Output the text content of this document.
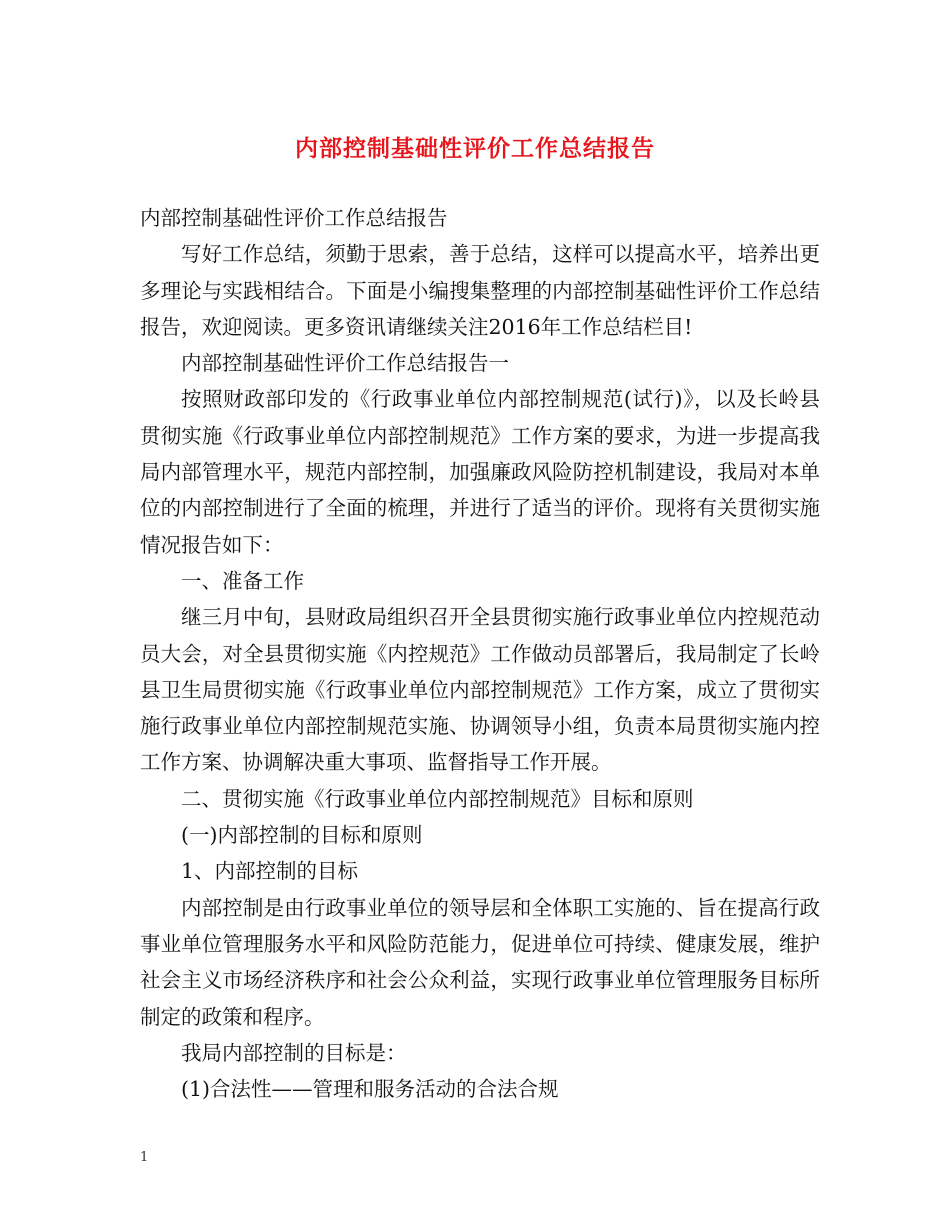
内部控制基础性评价工作总结报告

内部控制基础性评价工作总结报告

写好工作总结，须勤于思索，善于总结，这样可以提高水平，培养出更多理论与实践相结合。下面是小编搜集整理的内部控制基础性评价工作总结报告，欢迎阅读。更多资讯请继续关注2016年工作总结栏目!

内部控制基础性评价工作总结报告一

按照财政部印发的《行政事业单位内部控制规范(试行)》，以及长岭县贯彻实施《行政事业单位内部控制规范》工作方案的要求，为进一步提高我局内部管理水平，规范内部控制，加强廉政风险防控机制建设，我局对本单位的内部控制进行了全面的梳理，并进行了适当的评价。现将有关贯彻实施情况报告如下：

一、准备工作

继三月中旬，县财政局组织召开全县贯彻实施行政事业单位内控规范动员大会，对全县贯彻实施《内控规范》工作做动员部署后，我局制定了长岭县卫生局贯彻实施《行政事业单位内部控制规范》工作方案，成立了贯彻实施行政事业单位内部控制规范实施、协调领导小组，负责本局贯彻实施内控工作方案、协调解决重大事项、监督指导工作开展。

二、贯彻实施《行政事业单位内部控制规范》目标和原则

(一)内部控制的目标和原则

1、内部控制的目标

内部控制是由行政事业单位的领导层和全体职工实施的、旨在提高行政事业单位管理服务水平和风险防范能力，促进单位可持续、健康发展，维护社会主义市场经济秩序和社会公众利益，实现行政事业单位管理服务目标所制定的政策和程序。

我局内部控制的目标是：

(1)合法性——管理和服务活动的合法合规

1
